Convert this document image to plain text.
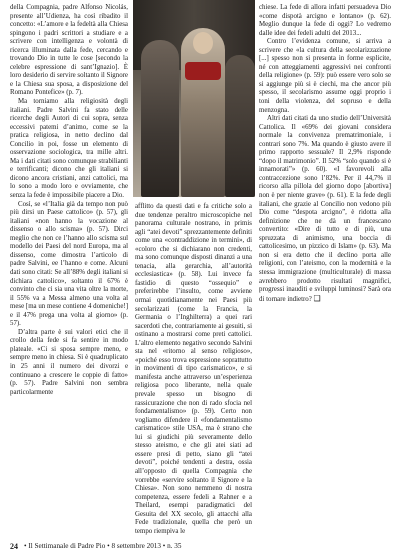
della Compagnia, padre Alfonso Nicolás, presente all’Udienza, ha così ribadito il concetto: «L’amore e la fedeltà alla Chiesa spingono i padri scrittori a studiare e a scrivere con intelligenza e volontà di ricerca illuminata dalla fede, cercando e trovando Dio in tutte le cose [secondo la celebre espressione di sant’Ignazio]. È loro desiderio di servire soltanto il Signore e la Chiesa sua sposa, a disposizione del Romano Pontefice» (p. 7).

Ma torniamo alla religiosità degli italiani. Padre Salvini fa stato delle ricerche degli Autori di cui sopra, senza eccessivi patemi d’animo, come se la pratica religiosa, in netto declino dal Concilio in poi, fosse un elemento di osservazione sociologica, tra mille altri. Ma i dati citati sono comunque strabilianti e terrificanti; dicono che gli italiani si dicono ancora cristiani, anzi cattolici, ma lo sono a modo loro e ovviamente, che senza la fede è impossibile piacere a Dio.

Così, se «l’Italia già da tempo non può più dirsi un Paese cattolico» (p. 57), gli italiani «non hanno la vocazione al dissenso o allo scisma» (p. 57). Dirci meglio che non ce l’hanno allo scisma sul modello dei Paesi del nord Europa, ma al dissenso, come dimostra l’articolo di padre Salvini, ee l’hanno e come. Alcuni dati sono citati: Se all’88% degli italiani si dichiara cattolico», soltanto il 67% è convinto che ci sia una vita oltre la morte, il 55% va a Messa almeno una volta al mese [ma un mese contiene 4 domeniche!] e il 47% prega una volta al giorno» (p. 57).

D’altra parte è sui valori etici che il crollo della fede si fa sentire in modo plateale. «Ci si sposa sempre meno, e sempre meno in chiesa. Si è quadruplicato in 25 anni il numero dei divorzi e continuano a crescere le coppie di fatto» (p. 57). Padre Salvini non sembra particolarmente

afflitto da questi dati e fa critiche solo a due tendenze peraltro microscopiche nel panorama culturale nostrano, in primis agli “atei devoti” sprezzantemente definiti come una «contraddizione in termini», di «coloro che si dichiarano non credenti, ma sono comunque disposti dinanzi a una tenacia, alla gerarchia, all’autorità ecclesiastica» (p. 58). Lui invece fa fastidio di questo “ossequio” e preferirebbe l’insulto, come avviene ormai quotidianamente nei Paesi più secolarizzati (come la Francia, la Germania o l’Inghilterra) a quei rari sacerdoti che, contrariamente ai gesuiti, si ostinano a mostrarsi come preti cattolici. L’altro elemento negativo secondo Salvini sta nel «ritorno al senso religioso», «poiché esso trova espressione soprattutto in movimenti di tipo carismatico», e si manifesta anche attraverso un’esperienza religiosa poco liberante, nella quale prevale spesso un bisogno di rassicurazione che non di rado sfocia nel fondamentalismo» (p. 59). Certo non vogliamo difendere il «fondamentalismo carismatico» stile USA, ma è strano che lui si giudichi più severamente dello stesso ateismo, e che gli atei siati ad essere presi di petto, siano gli “atei devoti”, poiché tendenti a destra, ossia all’opposto di quella Compagnia che vorrebbe «servire soltanto il Signore e la Chiesa». Non sono nemmeno di nostra competenza, essere fedeli a Rahner e a Theilard, esempi paradigmatici del Gesuita del XX secolo, gli attacchi alla Fede tradizionale, quella che però un tempo riempiva le

chiese. La fede di allora infatti persuadeva Dio «come dispotà arcigno e lontano» (p. 62). Meglio dunque la fede di oggi? Lo vedremo dalle idee dei fedeli adulti del 2013...

Contro l’evidenza comune, si arriva a scrivere che «la cultura della secolarizzazione [...] spesso non si presenta in forme esplicite, né con atteggiamenti aggressivi nei confronti della religione» (p. 59): può essere vero solo se si aggiunge più si è ciechi, ma che ancor più spesso, il secolarismo assume oggi proprio i toni della violenza, del sopruso e della menzogna.

Altri dati citati da uno studio dell’Università Cattolica. Il «69% dei giovani considera normale la convivenza prematrimoniale, i contrari sono 7%. Ma quando è giusto avere il primo rapporto sessuale? Il 2,9% risponde “dopo il matrimonio”. Il 52% “solo quando si è innamorati”» (p. 60). «I favorevoli alla contraccezione sono l’82%. Per il 44,7% il ricorso alla pillola del giorno dopo [abortiva] non è per niente grave» (p. 61). E la fede degli italiani, che grazie al Concilio non vedono più Dio come “despota arcigno”, è ridotta alla definizione che ne dà un francescano convertito: «Dire di tutto e di più, una spruzzata di animismo, una boccia di cattolicesimo, un pizzico di Islam» (p. 63). Ma non si era detto che il declino porta alle religioni, con l’ateismo, con la modernità e la stessa immigrazione (multiculturale) di massa avrebbero prodotto risultati magnifici, progressi inauditi e sviluppi luminosi? Sarà ora di tornare indietro? ❑

24 • Il Settimanale di Padre Pio • 8 settembre 2013 • n. 35
